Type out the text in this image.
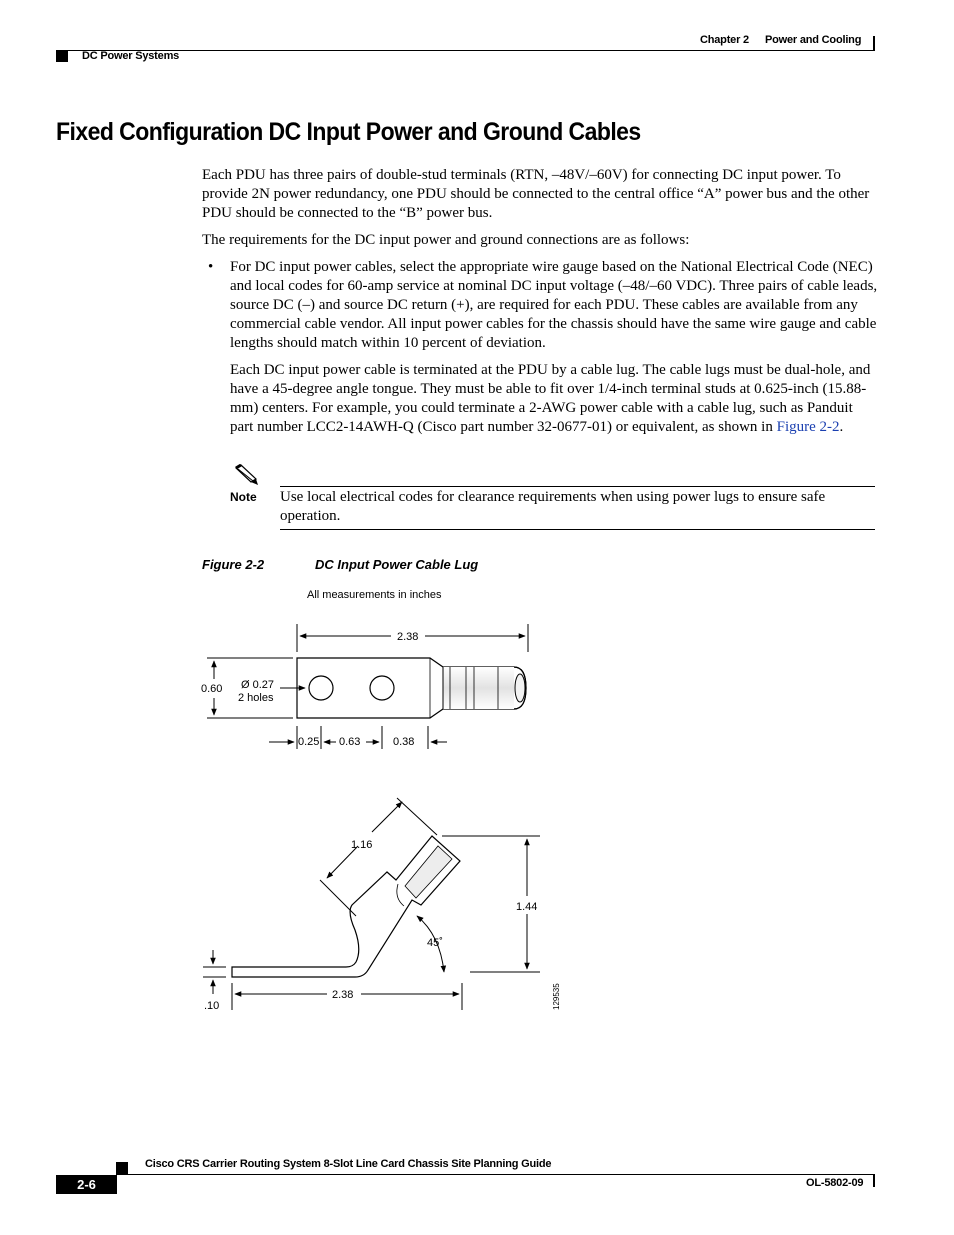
DC Power Systems
Chapter 2 Power and Cooling
Fixed Configuration DC Input Power and Ground Cables

Each PDU has three pairs of double-stud terminals (RTN, –48V/–60V) for connecting DC input power. To provide 2N power redundancy, one PDU should be connected to the central office “A” power bus and the other PDU should be connected to the “B” power bus.

The requirements for the DC input power and ground connections are as follows:

• For DC input power cables, select the appropriate wire gauge based on the National Electrical Code (NEC) and local codes for 60-amp service at nominal DC input voltage (–48/–60 VDC). Three pairs of cable leads, source DC (–) and source DC return (+), are required for each PDU. These cables are available from any commercial cable vendor. All input power cables for the chassis should have the same wire gauge and cable lengths should match within 10 percent of deviation.

Each DC input power cable is terminated at the PDU by a cable lug. The cable lugs must be dual-hole, and have a 45-degree angle tongue. They must be able to fit over 1/4-inch terminal studs at 0.625-inch (15.88-mm) centers. For example, you could terminate a 2-AWG power cable with a cable lug, such as Panduit part number LCC2-14AWH-Q (Cisco part number 32-0677-01) or equivalent, as shown in Figure 2-2.

Note Use local electrical codes for clearance requirements when using power lugs to ensure safe operation.
Figure 2-2	DC Input Power Cable Lug
All measurements in inches
2.38
0.60 Ø 0.27
2 holes
0.25 0.63	0.38
1.16
1.44
45˚
2.38
.10	129535
Cisco CRS Carrier Routing System 8-Slot Line Card Chassis Site Planning Guide
2-6	OL-5802-09
